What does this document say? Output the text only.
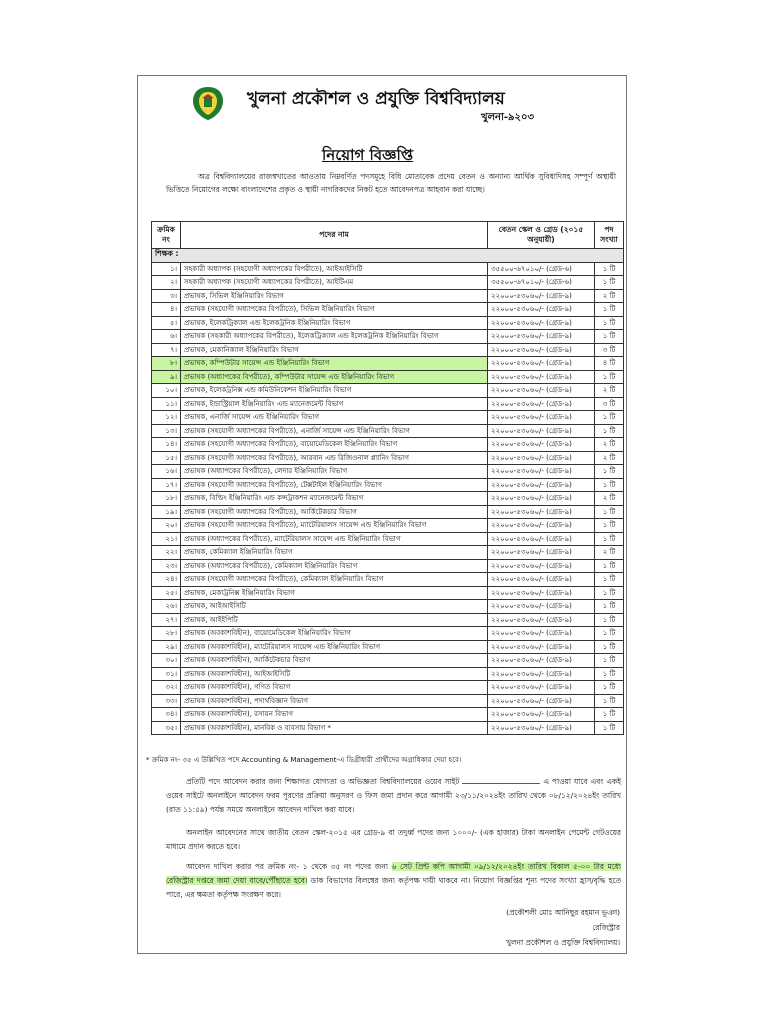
খুলনা প্রকৌশল ও প্রযুক্তি বিশ্ববিদ্যালয়
খুলনা-৯২০৩
নিয়োগ বিজ্ঞপ্তি
অত্র বিশ্ববিদ্যালয়ের রাজস্বখাতের আওতায় নিম্নবর্ণিত পদসমূহে বিধি মোতাবেক প্রদেয় বেতন ও অন্যান্য আর্থিক সুবিধাদিসহ সম্পূর্ণ অস্থায়ী ভিত্তিতে নিয়োগের লক্ষ্যে বাংলাদেশের প্রকৃত ও স্থায়ী নাগরিকদের নিকট হতে আবেদনপত্র আহবান করা যাচ্ছে।
ক্রমিক নং	পদের নাম	বেতন স্কেল ও গ্রেড (২০১৫ অনুযায়ী)	পদ সংখ্যা
শিক্ষক :			
১।	সহকারী অধ্যাপক (সহযোগী অধ্যাপকের বিপরীতে), আইআইসিটি	৩৫৫০০-৬৭০১০/- (গ্রেড-৬)	১ টি
২।	সহকারী অধ্যাপক (সহযোগী অধ্যাপকের বিপরীতে), আইটিএম	৩৫৫০০-৬৭০১০/- (গ্রেড-৬)	১ টি
৩।	প্রভাষক, সিভিল ইঞ্জিনিয়ারিং বিভাগ	২২০০০-৫৩০৬০/- (গ্রেড-৯)	২ টি
৪।	প্রভাষক (সহযোগী অধ্যাপকের বিপরীতে), সিভিল ইঞ্জিনিয়ারিং বিভাগ	২২০০০-৫৩০৬০/- (গ্রেড-৯)	১ টি
৫।	প্রভাষক, ইলেকট্রিক্যাল এন্ড ইলেকট্রনিক ইঞ্জিনিয়ারিং বিভাগ	২২০০০-৫৩০৬০/- (গ্রেড-৯)	১ টি
৬।	প্রভাষক (সহকারী অধ্যাপকের বিপরীতে), ইলেকট্রিক্যাল এন্ড ইলেকট্রনিক ইঞ্জিনিয়ারিং বিভাগ	২২০০০-৫৩০৬০/- (গ্রেড-৯)	১ টি
৭।	প্রভাষক, মেকানিক্যাল ইঞ্জিনিয়ারিং বিভাগ	২২০০০-৫৩০৬০/- (গ্রেড-৯)	৩ টি
৮।	প্রভাষক, কম্পিউটার সায়েন্স এন্ড ইঞ্জিনিয়ারিং বিভাগ	২২০০০-৫৩০৬০/- (গ্রেড-৯)	৪ টি
৯।	প্রভাষক (অধ্যাপকের বিপরীতে), কম্পিউটার সায়েন্স এন্ড ইঞ্জিনিয়ারিং বিভাগ	২২০০০-৫৩০৬০/- (গ্রেড-৯)	১ টি
১০।	প্রভাষক, ইলেকট্রনিক্স এন্ড কমিউনিকেশন ইঞ্জিনিয়ারিং বিভাগ	২২০০০-৫৩০৬০/- (গ্রেড-৯)	২ টি
১১।	প্রভাষক, ইন্ডাস্ট্রিয়াল ইঞ্জিনিয়ারিং এন্ড ম্যানেজমেন্ট বিভাগ	২২০০০-৫৩০৬০/- (গ্রেড-৯)	৩ টি
১২।	প্রভাষক, এনার্জি সায়েন্স এন্ড ইঞ্জিনিয়ারিং বিভাগ	২২০০০-৫৩০৬০/- (গ্রেড-৯)	১ টি
১৩।	প্রভাষক (সহযোগী অধ্যাপকের বিপরীতে), এনার্জি সায়েন্স এন্ড ইঞ্জিনিয়ারিং বিভাগ	২২০০০-৫৩০৬০/- (গ্রেড-৯)	১ টি
১৪।	প্রভাষক (সহযোগী অধ্যাপকের বিপরীতে), বায়োমেডিকেল ইঞ্জিনিয়ারিং বিভাগ	২২০০০-৫৩০৬০/- (গ্রেড-৯)	২ টি
১৫।	প্রভাষক (সহযোগী অধ্যাপকের বিপরীতে), আরবান এন্ড রিজিওনাল প্ল্যানিং বিভাগ	২২০০০-৫৩০৬০/- (গ্রেড-৯)	২ টি
১৬।	প্রভাষক (অধ্যাপকের বিপরীতে), লেদার ইঞ্জিনিয়ারিং বিভাগ	২২০০০-৫৩০৬০/- (গ্রেড-৯)	১ টি
১৭।	প্রভাষক (সহযোগী অধ্যাপকের বিপরীতে), টেক্সটাইল ইঞ্জিনিয়ারিং বিভাগ	২২০০০-৫৩০৬০/- (গ্রেড-৯)	১ টি
১৮।	প্রভাষক, বিল্ডিং ইঞ্জিনিয়ারিং এন্ড কন্সট্রাকশন ম্যানেজমেন্ট বিভাগ	২২০০০-৫৩০৬০/- (গ্রেড-৯)	২ টি
১৯।	প্রভাষক (সহযোগী অধ্যাপকের বিপরীতে), আর্কিটেকচার বিভাগ	২২০০০-৫৩০৬০/- (গ্রেড-৯)	১ টি
২০।	প্রভাষক (সহযোগী অধ্যাপকের বিপরীতে), ম্যাটেরিয়ালস সায়েন্স এন্ড ইঞ্জিনিয়ারিং বিভাগ	২২০০০-৫৩০৬০/- (গ্রেড-৯)	১ টি
২১।	প্রভাষক (অধ্যাপকের বিপরীতে), ম্যাটেরিয়ালস সায়েন্স এন্ড ইঞ্জিনিয়ারিং বিভাগ	২২০০০-৫৩০৬০/- (গ্রেড-৯)	১ টি
২২।	প্রভাষক, কেমিক্যাল ইঞ্জিনিয়ারিং বিভাগ	২২০০০-৫৩০৬০/- (গ্রেড-৯)	২ টি
২৩।	প্রভাষক (অধ্যাপকের বিপরীতে), কেমিক্যাল ইঞ্জিনিয়ারিং বিভাগ	২২০০০-৫৩০৬০/- (গ্রেড-৯)	১ টি
২৪।	প্রভাষক (সহযোগী অধ্যাপকের বিপরীতে), কেমিক্যাল ইঞ্জিনিয়ারিং বিভাগ	২২০০০-৫৩০৬০/- (গ্রেড-৯)	১ টি
২৫।	প্রভাষক, মেকাট্রনিক্স ইঞ্জিনিয়ারিং বিভাগ	২২০০০-৫৩০৬০/- (গ্রেড-৯)	১ টি
২৬।	প্রভাষক, আইআইসিটি	২২০০০-৫৩০৬০/- (গ্রেড-৯)	১ টি
২৭।	প্রভাষক, আইইপিটি	২২০০০-৫৩০৬০/- (গ্রেড-৯)	১ টি
২৮।	প্রভাষক (অবকাশবিহীন), বায়োমেডিকেল ইঞ্জিনিয়ারিং বিভাগ	২২০০০-৫৩০৬০/- (গ্রেড-৯)	১ টি
২৯।	প্রভাষক (অবকাশবিহীন), ম্যাটেরিয়ালস সায়েন্স এন্ড ইঞ্জিনিয়ারিং বিভাগ	২২০০০-৫৩০৬০/- (গ্রেড-৯)	১ টি
৩০।	প্রভাষক (অবকাশবিহীন), আর্কিটেকচার বিভাগ	২২০০০-৫৩০৬০/- (গ্রেড-৯)	১ টি
৩১।	প্রভাষক (অবকাশবিহীন), আইআইসিটি	২২০০০-৫৩০৬০/- (গ্রেড-৯)	১ টি
৩২।	প্রভাষক (অবকাশবিহীন), গণিত বিভাগ	২২০০০-৫৩০৬০/- (গ্রেড-৯)	১ টি
৩৩।	প্রভাষক (অবকাশবিহীন), পদার্থবিজ্ঞান বিভাগ	২২০০০-৫৩০৬০/- (গ্রেড-৯)	১ টি
৩৪।	প্রভাষক (অবকাশবিহীন), রসায়ন বিভাগ	২২০০০-৫৩০৬০/- (গ্রেড-৯)	১ টি
৩৫।	প্রভাষক (অবকাশবিহীন), মানবিক ও ব্যবসায় বিভাগ *	২২০০০-৫৩০৬০/- (গ্রেড-৯)	১ টি
* ক্রমিক নং- ৩৫ এ উল্লিখিত পদে Accounting & Management-এ ডিগ্রীধারী প্রার্থীদের অগ্রাধিকার দেয়া হবে।
প্রতিটি পদে আবেদন করার জন্য শিক্ষাগত যোগ্যতা ও অভিজ্ঞতা বিশ্ববিদ্যালয়ের ওয়েব সাইট	এ পাওয়া যাবে এবং একই ওয়েব সাইটে অনলাইনে আবেদন ফরম পূরণের প্রক্রিয়া অনুসরণ ও ফিস জমা প্রদান করে আগামী ২৩/১১/২০২৪ইং তারিখ থেকে ০৮/১২/২০২৪ইং তারিখ (রাত ১১:৫৯) পর্যন্ত সময়ে অনলাইনে আবেদন দাখিল করা যাবে।
অনলাইন আবেদনের সাথে জাতীয় বেতন স্কেল-২০১৫ এর গ্রেড-৯ বা তদুর্ধ্ব পদের জন্য ১০০০/- (এক হাজার) টাকা অনলাইন পেমেন্ট গেটওয়ের মাধ্যমে প্রদান করতে হবে।
আবেদন দাখিল করার পর ক্রমিক নং- ১ থেকে ৩৫ নং পদের জন্য ৬ সেট প্রিন্ট কপি আগামী ০৯/১২/২০২৪ইং তারিখ বিকাল ৫-০০ টার মধ্যে রেজিস্ট্রার দপ্তরে জমা দেয়া যাবে/পৌঁছাতে হবে। ডাক বিভাগের বিলম্বের জন্য কর্তৃপক্ষ দায়ী থাকবে না। নিয়োগ বিজ্ঞপ্তির শূন্য পদের সংখ্যা হ্রাস/বৃদ্ধি হতে পারে, এর ক্ষমতা কর্তৃপক্ষ সংরক্ষণ করে।
(প্রকৌশলী মোঃ আনিছুর রহমান ভূঞা)
রেজিস্ট্রার
খুলনা প্রকৌশল ও প্রযুক্তি বিশ্ববিদ্যালয়।
